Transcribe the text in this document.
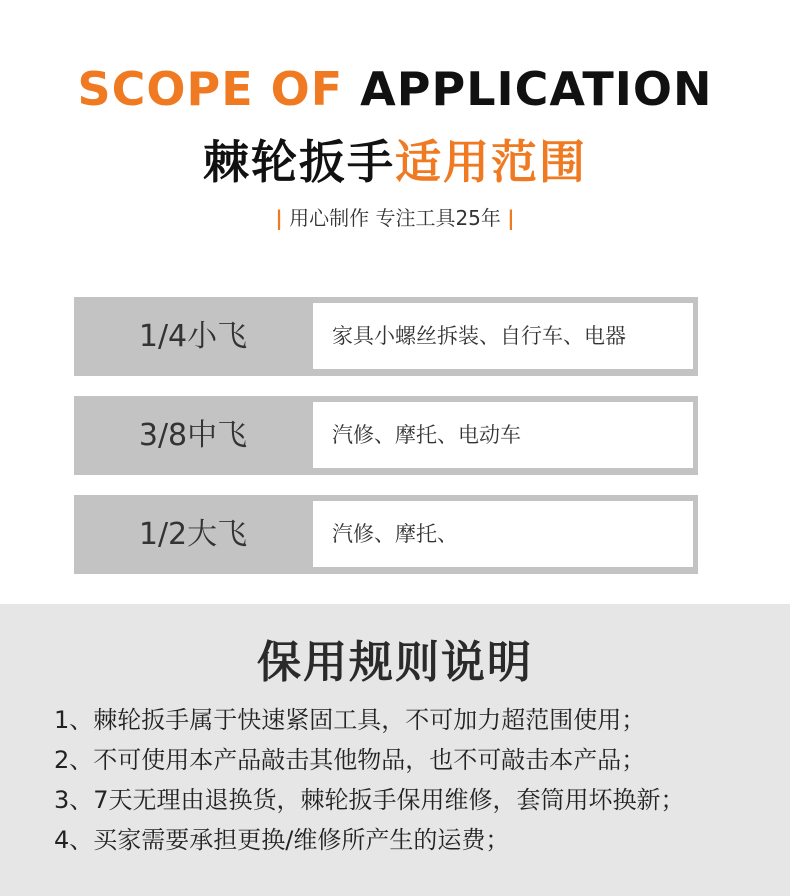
SCOPE OF APPLICATION
棘轮扳手适用范围
| 用心制作 专注工具25年 |
1/4小飞	家具小螺丝拆装、自行车、电器
3/8中飞	汽修、摩托、电动车
1/2大飞	汽修、摩托、
保用规则说明
1、棘轮扳手属于快速紧固工具，不可加力超范围使用；
2、不可使用本产品敲击其他物品，也不可敲击本产品；
3、7天无理由退换货，棘轮扳手保用维修，套筒用坏换新；
4、买家需要承担更换/维修所产生的运费；
